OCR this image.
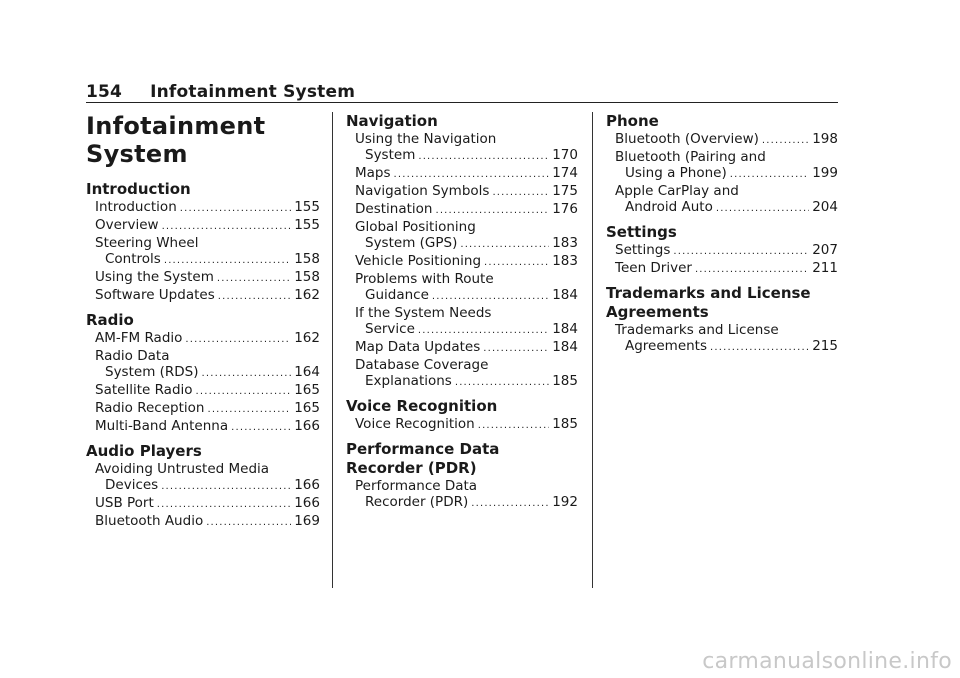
154 Infotainment System
Infotainment
System
Introduction
Introduction . . .	155
Overview . . .	155
Steering Wheel
Controls . . .	158
Using the System . . .	158
Software Updates . . .	162
Radio
AM-FM Radio . . .	162
Radio Data
System (RDS) . . .	164
Satellite Radio . . .	165
Radio Reception . . .	165
Multi-Band Antenna . . .	166
Audio Players
Avoiding Untrusted Media
Devices . . .	166
USB Port . . .	166
Bluetooth Audio . . .	169
Navigation
Using the Navigation
System . . .	170
Maps . . .	174
Navigation Symbols . . .	175
Destination . . .	176
Global Positioning
System (GPS) . . .	183
Vehicle Positioning . . .	183
Problems with Route
Guidance . . .	184
If the System Needs
Service . . .	184
Map Data Updates . . .	184
Database Coverage
Explanations . . .	185
Voice Recognition
Voice Recognition . . .	185
Performance Data
Recorder (PDR)
Performance Data
Recorder (PDR) . . .	192
Phone
Bluetooth (Overview) . . .	198
Bluetooth (Pairing and
Using a Phone) . . .	199
Apple CarPlay and
Android Auto . . .	204
Settings
Settings . . .	207
Teen Driver . . .	211
Trademarks and License
Agreements
Trademarks and License
Agreements . . .	215
carmanualsonline.info
